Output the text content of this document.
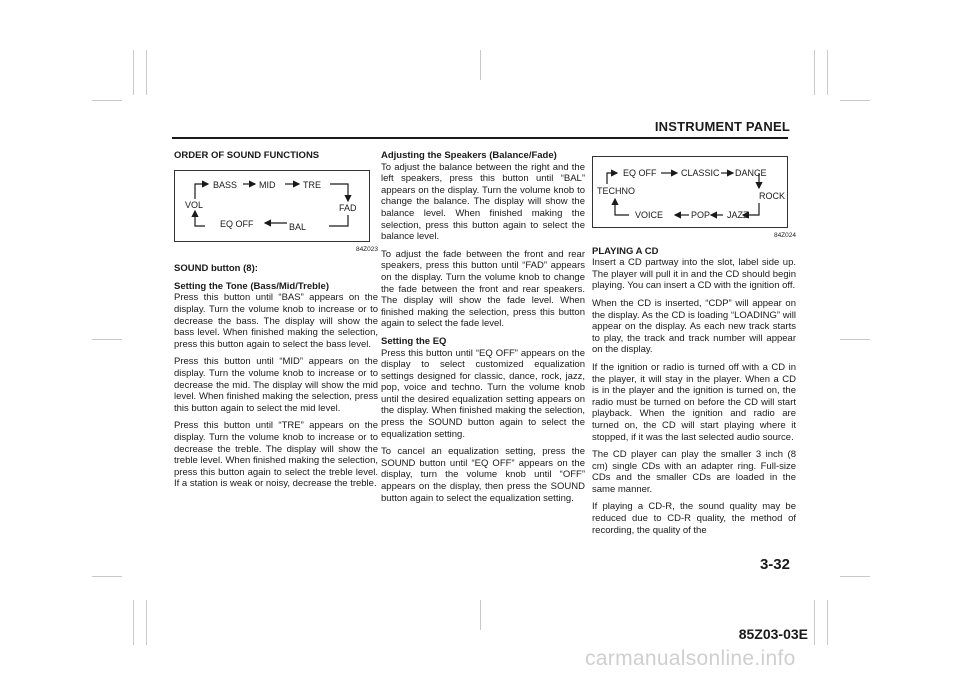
INSTRUMENT PANEL
ORDER OF SOUND FUNCTIONS
BASS MID	TRE
VOL	FAD
EQ OFF	BAL
84Z023
SOUND button (8):
Setting the Tone (Bass/Mid/Treble)

Press this button until “BAS” appears on the display. Turn the volume knob to increase or to decrease the bass. The display will show the bass level. When finished making the selection, press this button again to select the bass level.

Press this button until “MID” appears on the display. Turn the volume knob to increase or to decrease the mid. The display will show the mid level. When finished making the selection, press this button again to select the mid level.

Press this button until “TRE” appears on the display. Turn the volume knob to increase or to decrease the treble. The display will show the treble level. When finished making the selection, press this button again to select the treble level. If a station is weak or noisy, decrease the treble.

Adjusting the Speakers (Balance/Fade)

To adjust the balance between the right and the left speakers, press this button until “BAL” appears on the display. Turn the volume knob to change the balance. The display will show the balance level. When finished making the selection, press this button again to select the balance level.

To adjust the fade between the front and rear speakers, press this button until “FAD” appears on the display. Turn the volume knob to change the fade between the front and rear speakers. The display will show the fade level. When finished making the selection, press this button again to select the fade level.

Setting the EQ

Press this button until “EQ OFF” appears on the display to select customized equalization settings designed for classic, dance, rock, jazz, pop, voice and techno. Turn the volume knob until the desired equalization setting appears on the display. When finished making the selection, press the SOUND button again to select the equalization setting.

To cancel an equalization setting, press the SOUND button until “EQ OFF” appears on the display, turn the volume knob until “OFF” appears on the display, then press the SOUND button again to select the equalization setting.

EQ OFF	CLASSIC DANCE
TECHNO	ROCK
VOICE	POP JAZZ
84Z024
PLAYING A CD

Insert a CD partway into the slot, label side up. The player will pull it in and the CD should begin playing. You can insert a CD with the ignition off.

When the CD is inserted, “CDP” will appear on the display. As the CD is loading “LOADING” will appear on the display. As each new track starts to play, the track and track number will appear on the display.

If the ignition or radio is turned off with a CD in the player, it will stay in the player. When a CD is in the player and the ignition is turned on, the radio must be turned on before the CD will start playback. When the ignition and radio are turned on, the CD will start playing where it stopped, if it was the last selected audio source.

The CD player can play the smaller 3 inch (8 cm) single CDs with an adapter ring. Full-size CDs and the smaller CDs are loaded in the same manner.

If playing a CD-R, the sound quality may be reduced due to CD-R quality, the method of recording, the quality of the

3-32
85Z03-03E
carmanualsonline.info
